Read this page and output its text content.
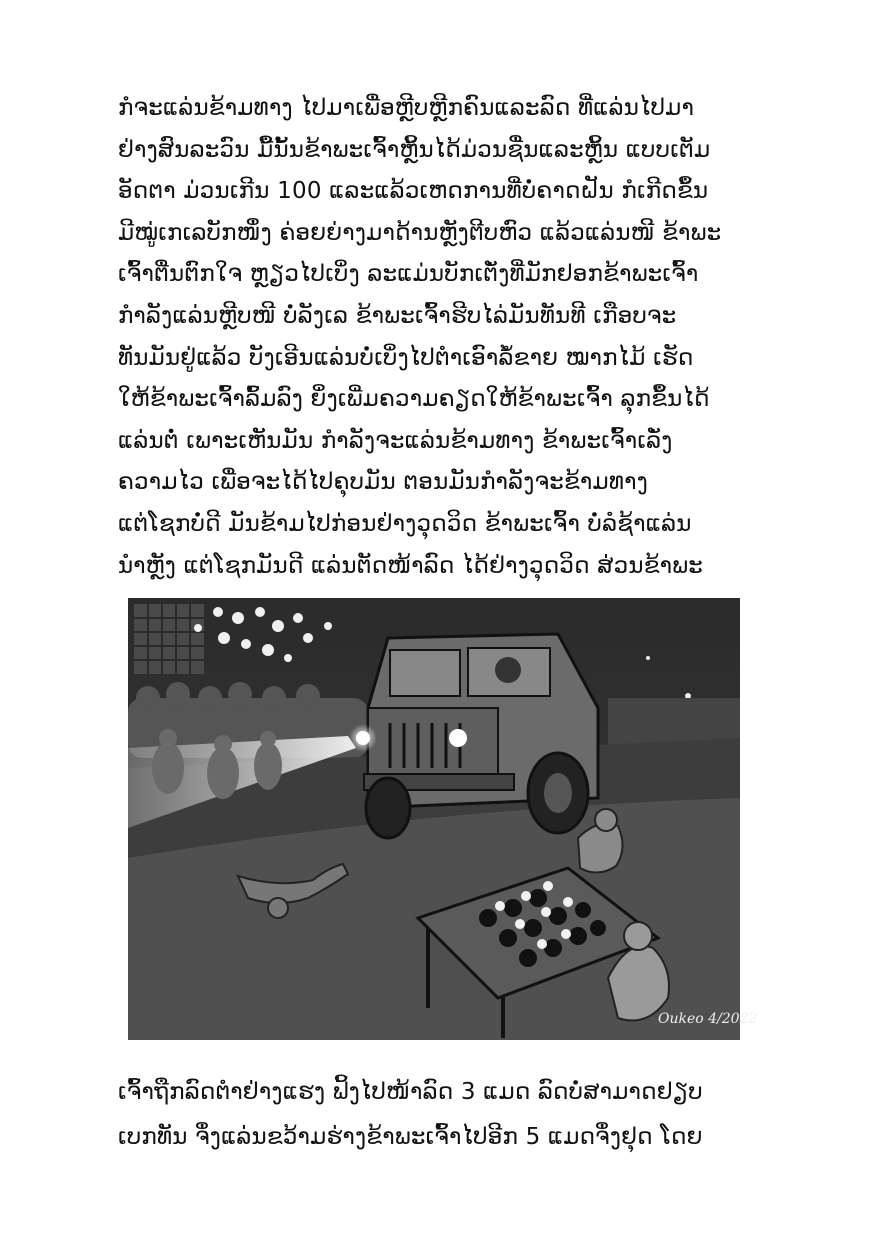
ກໍຈະແລ່ນຂ້າມທາງ ໄປມາເພື່ອຫຼີບຫຼີກຄົນແລະລົດ ທີ່ແລ່ນໄປມາ
ຢ່າງສົນລະວົນ ມື້ນັ້ນຂ້າພະເຈົ້າຫຼິ້ນໄດ້ມ່ວນຊື່ນແລະຫຼິ້ນ ແບບເຕັມ
ອັດຕາ ມ່ວນເກີນ 100 ແລະແລ້ວເຫດການທີ່ບໍ່ຄາດຝັນ ກໍເກີດຂຶ້ນ
ມີໝູ່ເກເລບັກໜຶ່ງ ຄ່ອຍຍ່າງມາດ້ານຫຼັງຕີບຫົວ ແລ້ວແລ່ນໜີ ຂ້າພະ
ເຈົ້າຕື່ນຕົກໃຈ ຫຼຽວໄປເບິ່ງ ລະແມ່ນບັກເຕັ່ງທີ່ມັກຢອກຂ້າພະເຈົ້າ
ກຳລັງແລ່ນຫຼີບໜີ ບໍ່ລັງເລ ຂ້າພະເຈົ້າຮີບໄລ່ມັນທັນທີ ເກືອບຈະ
ທັນມັນຢູ່ແລ້ວ ບັງເອີນແລ່ນບໍ່ເບິ່ງໄປຕຳເອົາລໍ້ຂາຍ ໝາກໄມ້ ເຮັດ
ໃຫ້ຂ້າພະເຈົ້າລົ້ມລົງ ຍິ່ງເພີ່ມຄວາມຄຽດໃຫ້ຂ້າພະເຈົ້າ ລຸກຂຶ້ນໄດ້
ແລ່ນຕໍ່ ເພາະເຫັນມັນ ກຳລັງຈະແລ່ນຂ້າມທາງ ຂ້າພະເຈົ້າເລັ່ງ
ຄວາມໄວ ເພື່ອຈະໄດ້ໄປຄຸບມັນ ຕອນມັນກຳລັງຈະຂ້າມທາງ
ແຕ່ໂຊກບໍ່ດີ ມັນຂ້າມໄປກ່ອນຢ່າງວຸດວິດ ຂ້າພະເຈົ້າ ບໍ່ລໍຊ້າແລ່ນ
ນຳຫຼັງ ແຕ່ໂຊກມັນດີ ແລ່ນຕັດໜ້າລົດ ໄດ້ຢ່າງວຸດວິດ ສ່ວນຂ້າພະ
Oukeo 4/2022
ເຈົ້າຖືກລົດຕຳຢ່າງແຮງ ຟິ້ງໄປໜ້າລົດ 3 ແມດ ລົດບໍ່ສາມາດຢຽບ
ເບກທັນ ຈຶ່ງແລ່ນຂວ້າມຮ່າງຂ້າພະເຈົ້າໄປອີກ 5 ແມດຈຶ່ງຢຸດ ໂດຍ
